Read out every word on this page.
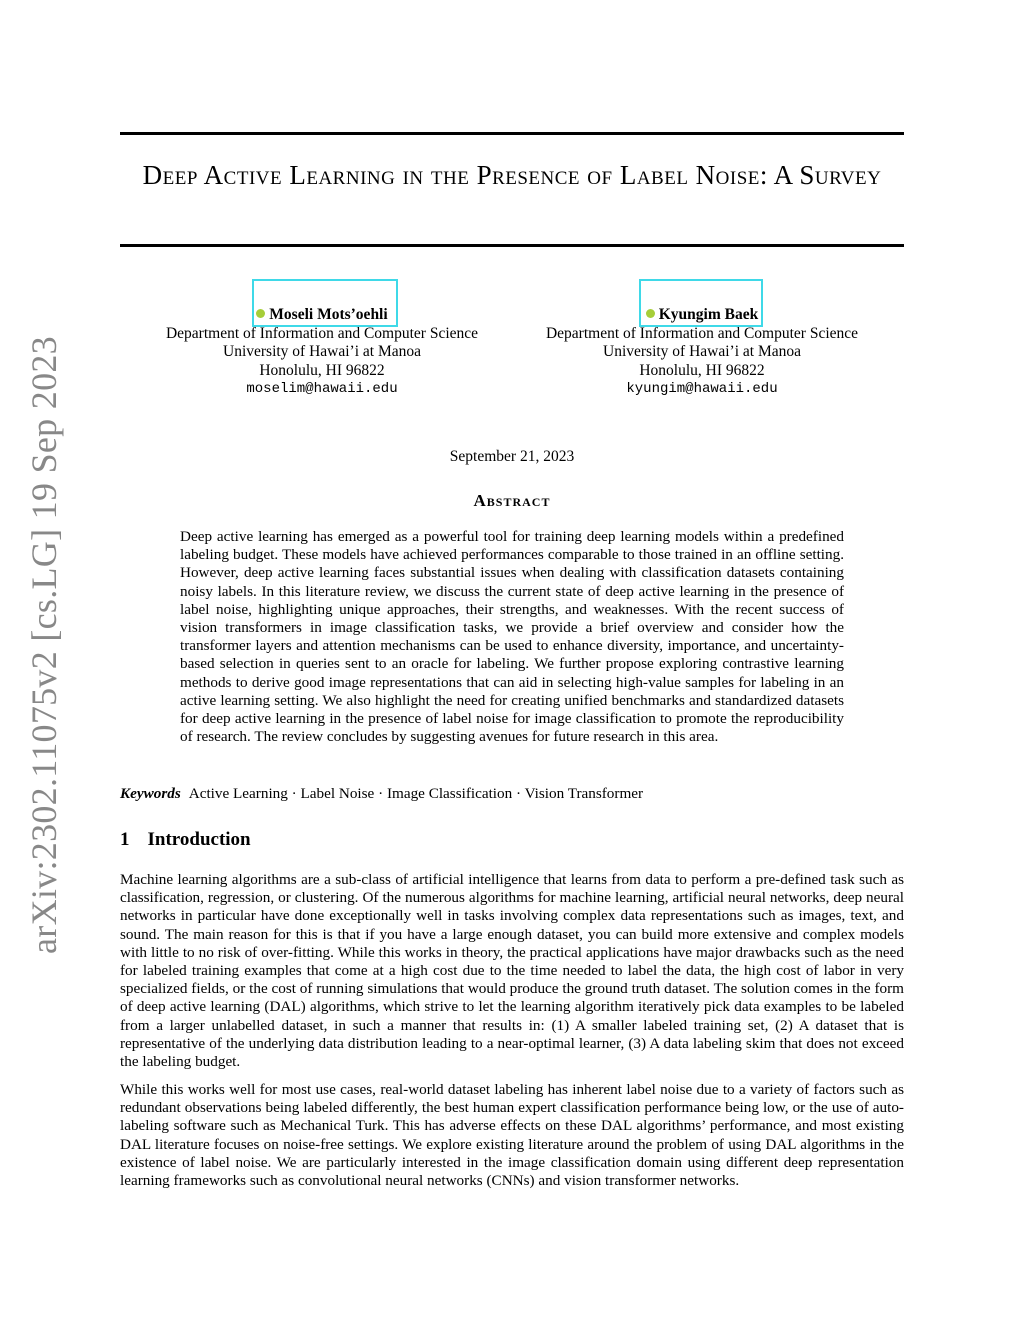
arXiv:2302.11075v2 [cs.LG] 19 Sep 2023
Deep Active Learning in the Presence of Label Noise: A Survey
Moseli Mots’oehli
Department of Information and Computer Science
University of Hawai’i at Manoa
Honolulu, HI 96822
moselim@hawaii.edu
Kyungim Baek
Department of Information and Computer Science
University of Hawai’i at Manoa
Honolulu, HI 96822
kyungim@hawaii.edu
September 21, 2023
Abstract

Deep active learning has emerged as a powerful tool for training deep learning models within a predefined labeling budget. These models have achieved performances comparable to those trained in an offline setting. However, deep active learning faces substantial issues when dealing with classification datasets containing noisy labels. In this literature review, we discuss the current state of deep active learning in the presence of label noise, highlighting unique approaches, their strengths, and weaknesses. With the recent success of vision transformers in image classification tasks, we provide a brief overview and consider how the transformer layers and attention mechanisms can be used to enhance diversity, importance, and uncertainty-based selection in queries sent to an oracle for labeling. We further propose exploring contrastive learning methods to derive good image representations that can aid in selecting high-value samples for labeling in an active learning setting. We also highlight the need for creating unified benchmarks and standardized datasets for deep active learning in the presence of label noise for image classification to promote the reproducibility of research. The review concludes by suggesting avenues for future research in this area.

Keywords Active Learning · Label Noise · Image Classification · Vision Transformer
1 Introduction

Machine learning algorithms are a sub-class of artificial intelligence that learns from data to perform a pre-defined task such as classification, regression, or clustering. Of the numerous algorithms for machine learning, artificial neural networks, deep neural networks in particular have done exceptionally well in tasks involving complex data representations such as images, text, and sound. The main reason for this is that if you have a large enough dataset, you can build more extensive and complex models with little to no risk of over-fitting. While this works in theory, the practical applications have major drawbacks such as the need for labeled training examples that come at a high cost due to the time needed to label the data, the high cost of labor in very specialized fields, or the cost of running simulations that would produce the ground truth dataset. The solution comes in the form of deep active learning (DAL) algorithms, which strive to let the learning algorithm iteratively pick data examples to be labeled from a larger unlabelled dataset, in such a manner that results in: (1) A smaller labeled training set, (2) A dataset that is representative of the underlying data distribution leading to a near-optimal learner, (3) A data labeling skim that does not exceed the labeling budget.

While this works well for most use cases, real-world dataset labeling has inherent label noise due to a variety of factors such as redundant observations being labeled differently, the best human expert classification performance being low, or the use of auto-labeling software such as Mechanical Turk. This has adverse effects on these DAL algorithms’ performance, and most existing DAL literature focuses on noise-free settings. We explore existing literature around the problem of using DAL algorithms in the existence of label noise. We are particularly interested in the image classification domain using different deep representation learning frameworks such as convolutional neural networks (CNNs) and vision transformer networks.
